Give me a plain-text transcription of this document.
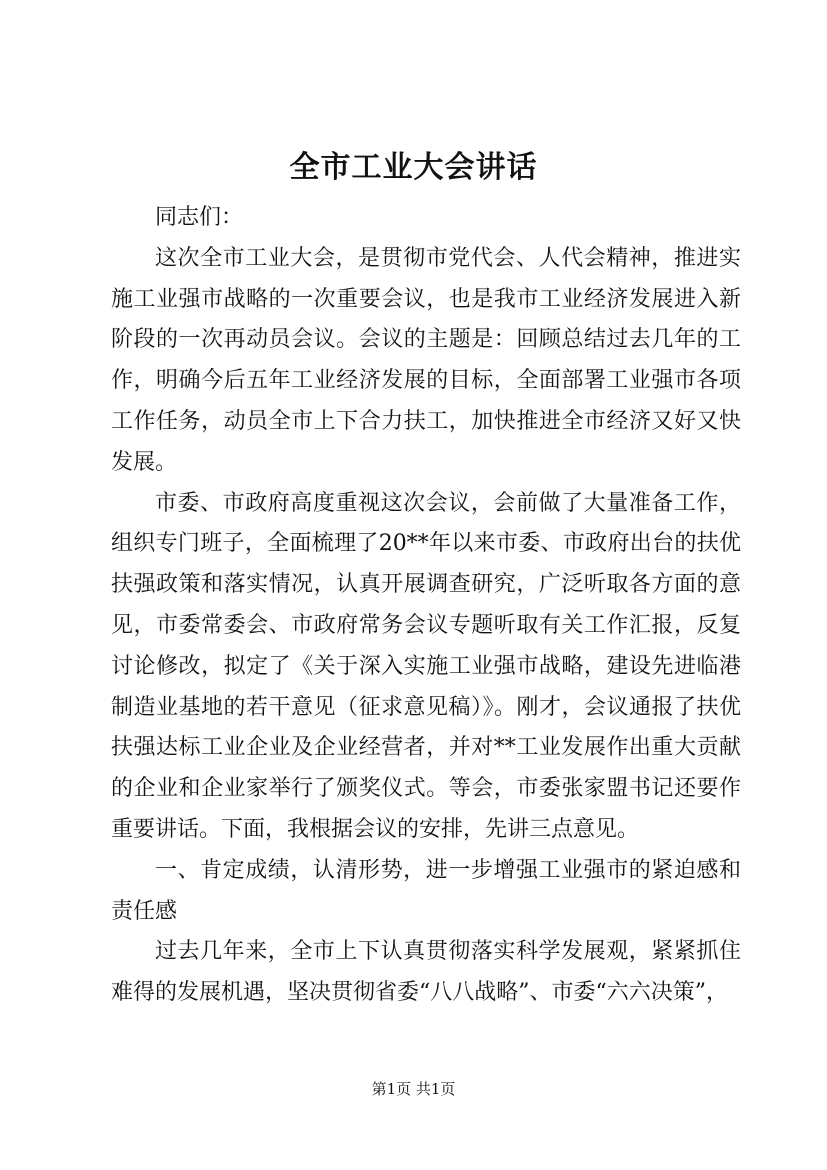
全市工业大会讲话

同志们：

这次全市工业大会，是贯彻市党代会、人代会精神，推进实施工业强市战略的一次重要会议，也是我市工业经济发展进入新阶段的一次再动员会议。会议的主题是：回顾总结过去几年的工作，明确今后五年工业经济发展的目标，全面部署工业强市各项工作任务，动员全市上下合力扶工，加快推进全市经济又好又快发展。

市委、市政府高度重视这次会议，会前做了大量准备工作，组织专门班子，全面梳理了20**年以来市委、市政府出台的扶优扶强政策和落实情况，认真开展调查研究，广泛听取各方面的意见，市委常委会、市政府常务会议专题听取有关工作汇报，反复讨论修改，拟定了《关于深入实施工业强市战略，建设先进临港制造业基地的若干意见（征求意见稿）》。刚才，会议通报了扶优扶强达标工业企业及企业经营者，并对**工业发展作出重大贡献的企业和企业家举行了颁奖仪式。等会，市委张家盟书记还要作重要讲话。下面，我根据会议的安排，先讲三点意见。

一、肯定成绩，认清形势，进一步增强工业强市的紧迫感和责任感

过去几年来，全市上下认真贯彻落实科学发展观，紧紧抓住难得的发展机遇，坚决贯彻省委“八八战略”、市委“六六决策”，

第1页 共1页
